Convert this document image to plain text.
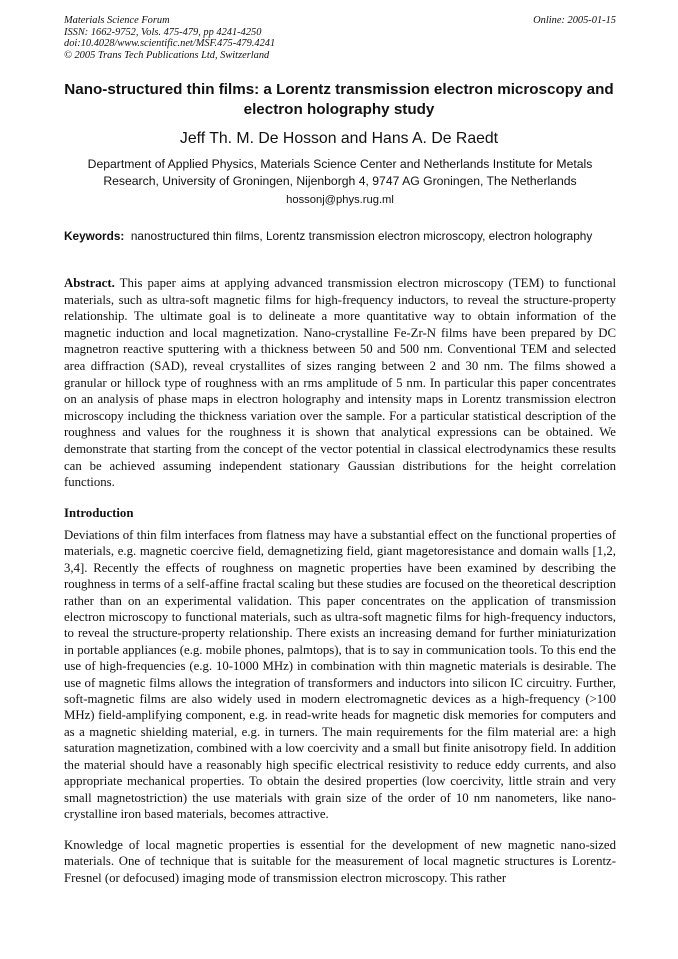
Materials Science Forum
ISSN: 1662-9752, Vols. 475-479, pp 4241-4250
doi:10.4028/www.scientific.net/MSF.475-479.4241
© 2005 Trans Tech Publications Ltd, Switzerland
Online: 2005-01-15
Nano-structured thin films: a Lorentz transmission electron microscopy and electron holography study
Jeff Th. M. De Hosson and Hans A. De Raedt
Department of Applied Physics, Materials Science Center and Netherlands Institute for Metals Research, University of Groningen, Nijenborgh 4, 9747 AG Groningen, The Netherlands
hossonj@phys.rug.ml
Keywords: nanostructured thin films, Lorentz transmission electron microscopy, electron holography

Abstract. This paper aims at applying advanced transmission electron microscopy (TEM) to functional materials, such as ultra-soft magnetic films for high-frequency inductors, to reveal the structure-property relationship. The ultimate goal is to delineate a more quantitative way to obtain information of the magnetic induction and local magnetization. Nano-crystalline Fe-Zr-N films have been prepared by DC magnetron reactive sputtering with a thickness between 50 and 500 nm. Conventional TEM and selected area diffraction (SAD), reveal crystallites of sizes ranging between 2 and 30 nm. The films showed a granular or hillock type of roughness with an rms amplitude of 5 nm. In particular this paper concentrates on an analysis of phase maps in electron holography and intensity maps in Lorentz transmission electron microscopy including the thickness variation over the sample. For a particular statistical description of the roughness and values for the roughness it is shown that analytical expressions can be obtained. We demonstrate that starting from the concept of the vector potential in classical electrodynamics these results can be achieved assuming independent stationary Gaussian distributions for the height correlation functions.

Introduction

Deviations of thin film interfaces from flatness may have a substantial effect on the functional properties of materials, e.g. magnetic coercive field, demagnetizing field, giant magetoresistance and domain walls [1,2, 3,4]. Recently the effects of roughness on magnetic properties have been examined by describing the roughness in terms of a self-affine fractal scaling but these studies are focused on the theoretical description rather than on an experimental validation. This paper concentrates on the application of transmission electron microscopy to functional materials, such as ultra-soft magnetic films for high-frequency inductors, to reveal the structure-property relationship. There exists an increasing demand for further miniaturization in portable appliances (e.g. mobile phones, palmtops), that is to say in communication tools. To this end the use of high-frequencies (e.g. 10-1000 MHz) in combination with thin magnetic materials is desirable. The use of magnetic films allows the integration of transformers and inductors into silicon IC circuitry. Further, soft-magnetic films are also widely used in modern electromagnetic devices as a high-frequency (>100 MHz) field-amplifying component, e.g. in read-write heads for magnetic disk memories for computers and as a magnetic shielding material, e.g. in turners. The main requirements for the film material are: a high saturation magnetization, combined with a low coercivity and a small but finite anisotropy field. In addition the material should have a reasonably high specific electrical resistivity to reduce eddy currents, and also appropriate mechanical properties. To obtain the desired properties (low coercivity, little strain and very small magnetostriction) the use materials with grain size of the order of 10 nm nanometers, like nano-crystalline iron based materials, becomes attractive.

Knowledge of local magnetic properties is essential for the development of new magnetic nano-sized materials. One of technique that is suitable for the measurement of local magnetic structures is Lorentz-Fresnel (or defocused) imaging mode of transmission electron microscopy. This rather
